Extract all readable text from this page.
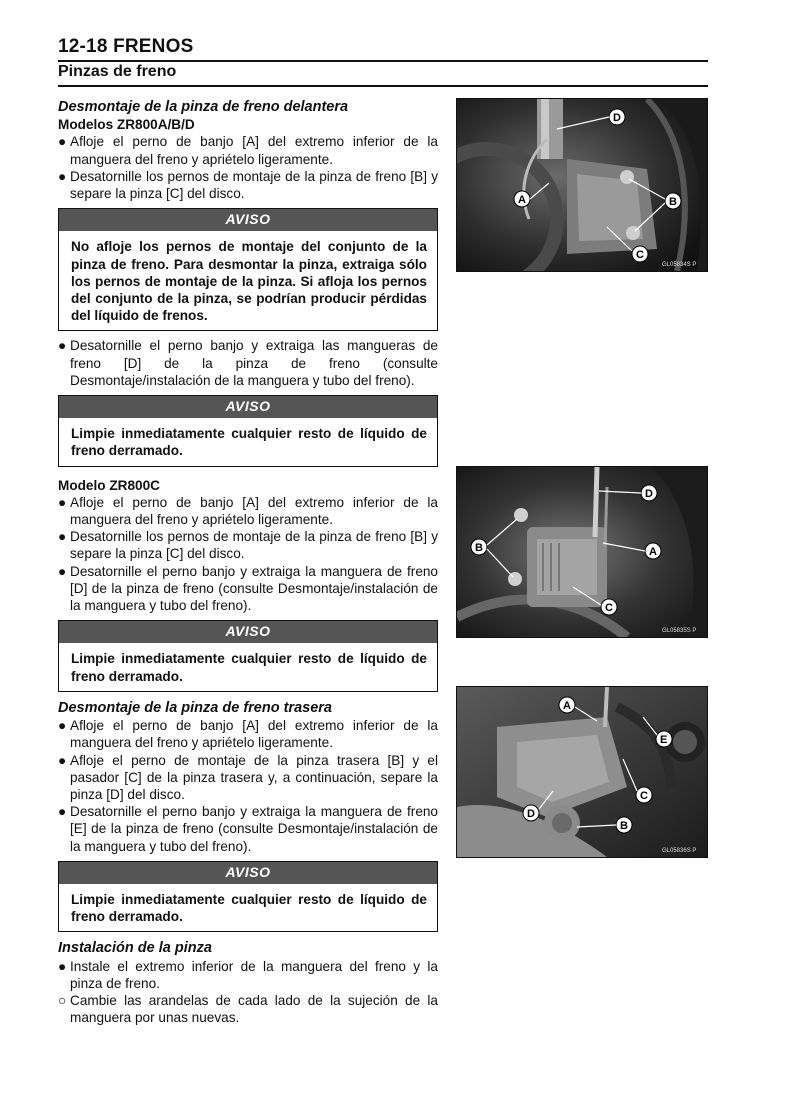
12-18 FRENOS
Pinzas de freno

Desmontaje de la pinza de freno delantera

Modelos ZR800A/B/D

● Afloje el perno de banjo [A] del extremo inferior de la manguera del freno y apriételo ligeramente.
● Desatornille los pernos de montaje de la pinza de freno [B] y separe la pinza [C] del disco.
AVISO
No afloje los pernos de montaje del conjunto de la pinza de freno. Para desmontar la pinza, extraiga sólo los pernos de montaje de la pinza. Si afloja los pernos del conjunto de la pinza, se podrían producir pérdidas del líquido de frenos.
● Desatornille el perno banjo y extraiga las mangueras de freno [D] de la pinza de freno (consulte Desmontaje/instalación de la manguera y tubo del freno).
AVISO
Limpie inmediatamente cualquier resto de líquido de freno derramado.

Modelo ZR800C

● Afloje el perno de banjo [A] del extremo inferior de la manguera del freno y apriételo ligeramente.
● Desatornille los pernos de montaje de la pinza de freno [B] y separe la pinza [C] del disco.
● Desatornille el perno banjo y extraiga la manguera de freno [D] de la pinza de freno (consulte Desmontaje/instalación de la manguera y tubo del freno).
AVISO
Limpie inmediatamente cualquier resto de líquido de freno derramado.

Desmontaje de la pinza de freno trasera

● Afloje el perno de banjo [A] del extremo inferior de la manguera del freno y apriételo ligeramente.
● Afloje el perno de montaje de la pinza trasera [B] y el pasador [C] de la pinza trasera y, a continuación, separe la pinza [D] del disco.
● Desatornille el perno banjo y extraiga la manguera de freno [E] de la pinza de freno (consulte Desmontaje/instalación de la manguera y tubo del freno).
AVISO
Limpie inmediatamente cualquier resto de líquido de freno derramado.

Instalación de la pinza

● Instale el extremo inferior de la manguera del freno y la pinza de freno.
○ Cambie las arandelas de cada lado de la sujeción de la manguera por unas nuevas.
D
A	B
C
GL05834S P
D
B	A
C
GL05835S P
A
E
C
D
B
GL05836S P
